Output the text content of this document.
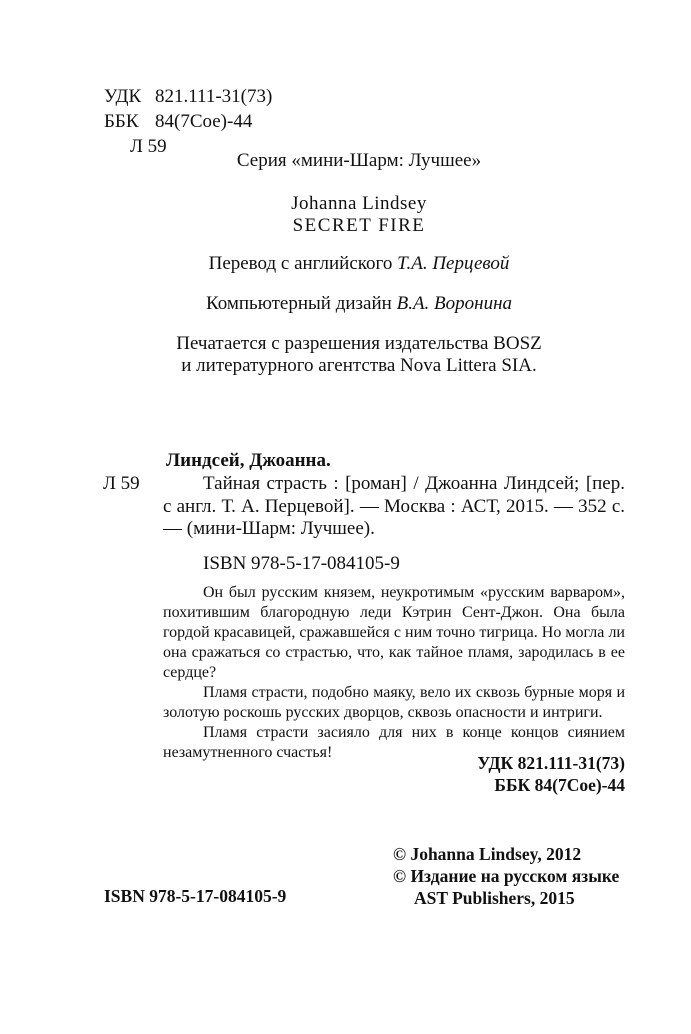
УДК 821.111-31(73)
ББК 84(7Сое)-44
Л 59
Серия «мини-Шарм: Лучшее»
Johanna Lindsey
SECRET FIRE
Перевод с английского Т.А. Перцевой
Компьютерный дизайн В.А. Воронина
Печатается с разрешения издательства BOSZ
и литературного агентства Nova Littera SIA.
Линдсей, Джоанна.
Л 59	Тайная страсть : [роман] / Джоанна Линдсей; [пер. с англ. Т. А. Перцевой]. — Москва : АСТ, 2015. — 352 с. — (мини-Шарм: Лучшее).
ISBN 978-5-17-084105-9

Он был русским князем, неукротимым «русским варваром», похитившим благородную леди Кэтрин Сент-Джон. Она была гордой красавицей, сражавшейся с ним точно тигрица. Но могла ли она сражаться со страстью, что, как тайное пламя, зародилась в ее сердце?

Пламя страсти, подобно маяку, вело их сквозь бурные моря и золотую роскошь русских дворцов, сквозь опасности и интриги.

Пламя страсти засияло для них в конце концов сиянием незамутненного счастья!

УДК 821.111-31(73)
ББК 84(7Сое)-44
© Johanna Lindsey, 2012
© Издание на русском языке
AST Publishers, 2015
ISBN 978-5-17-084105-9
